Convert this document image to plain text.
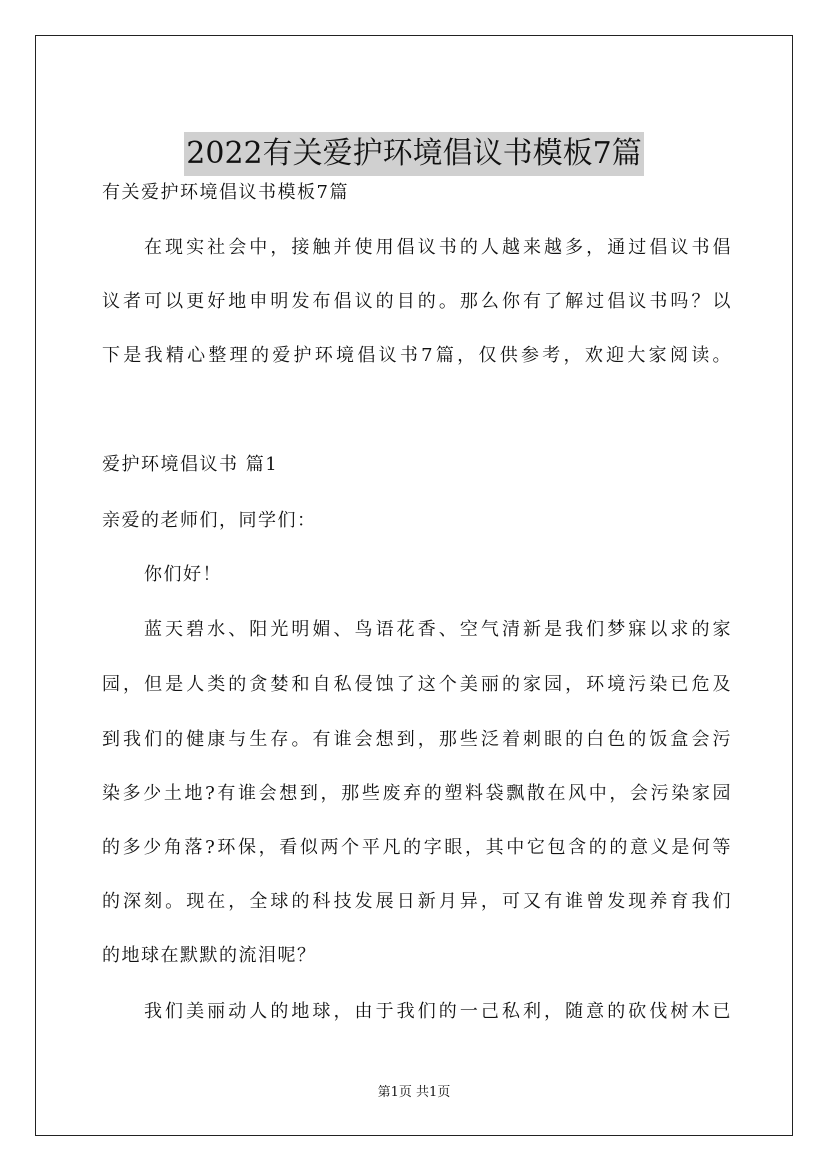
2022有关爱护环境倡议书模板7篇
有关爱护环境倡议书模板7篇
在现实社会中，接触并使用倡议书的人越来越多，通过倡议书倡
议者可以更好地申明发布倡议的目的。那么你有了解过倡议书吗？以
下是我精心整理的爱护环境倡议书7篇，仅供参考，欢迎大家阅读。
爱护环境倡议书 篇1
亲爱的老师们，同学们：
你们好！
蓝天碧水、阳光明媚、鸟语花香、空气清新是我们梦寐以求的家
园，但是人类的贪婪和自私侵蚀了这个美丽的家园，环境污染已危及
到我们的健康与生存。有谁会想到，那些泛着刺眼的白色的饭盒会污
染多少土地?有谁会想到，那些废弃的塑料袋飘散在风中，会污染家园
的多少角落?环保，看似两个平凡的字眼，其中它包含的的意义是何等
的深刻。现在，全球的科技发展日新月异，可又有谁曾发现养育我们
的地球在默默的流泪呢？
我们美丽动人的地球，由于我们的一己私利，随意的砍伐树木已
第1页 共1页
